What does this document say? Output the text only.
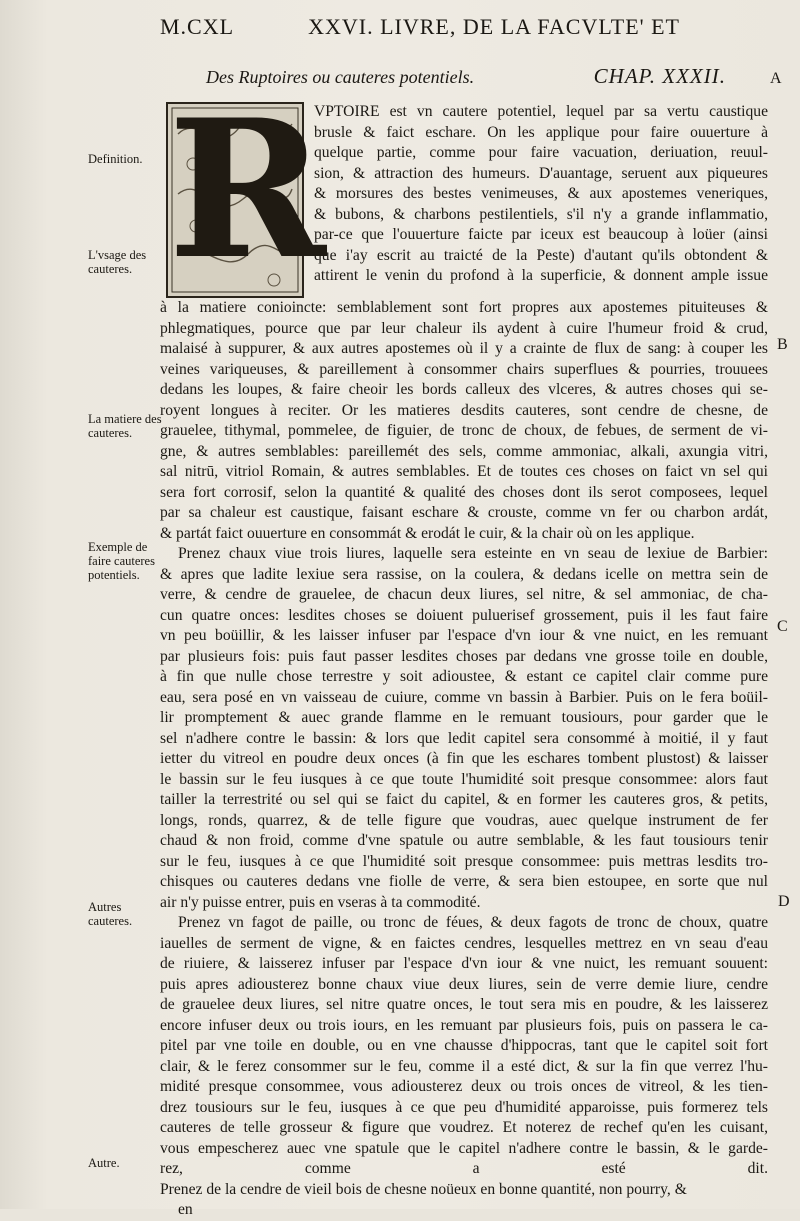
M.CXL	XXVI. LIVRE, DE LA FACVLTE' ET
Des Ruptoires ou cauteres potentiels.	CHAP. XXXII.	A
B
C
D
Definition.
L'vsage des cauteres.
La matiere des cauteres.
Exemple de faire cauteres potentiels.
Autres cauteres.
Autre.
R
VPTOIRE est vn cautere potentiel, lequel par sa vertu caustique
brusle & faict eschare. On les applique pour faire ouuerture à
quelque partie, comme pour faire vacuation, deriuation, reuul-
sion, & attraction des humeurs. D'auantage, seruent aux piqueures
& morsures des bestes venimeuses, & aux apostemes veneriques,
& bubons, & charbons pestilentiels, s'il n'y a grande inflammatio,
par-ce que l'ouuerture faicte par iceux est beaucoup à loüer (ainsi
que i'ay escrit au traicté de la Peste) d'autant qu'ils obtondent &
attirent le venin du profond à la superficie, & donnent ample issue
à la matiere conioincte: semblablement sont fort propres aux apostemes pituiteuses &
phlegmatiques, pource que par leur chaleur ils aydent à cuire l'humeur froid & crud,
malaisé à suppurer, & aux autres apostemes où il y a crainte de flux de sang: à couper les
veines variqueuses, & pareillement à consommer chairs superflues & pourries, trouuees
dedans les loupes, & faire cheoir les bords calleux des vlceres, & autres choses qui se-
royent longues à reciter. Or les matieres desdits cauteres, sont cendre de chesne, de
grauelee, tithymal, pommelee, de figuier, de tronc de choux, de febues, de serment de vi-
gne, & autres semblables: pareillemét des sels, comme ammoniac, alkali, axungia vitri,
sal nitrū, vitriol Romain, & autres semblables. Et de toutes ces choses on faict vn sel qui
sera fort corrosif, selon la quantité & qualité des choses dont ils serot composees, lequel
par sa chaleur est caustique, faisant eschare & crouste, comme vn fer ou charbon ardát,
& partát faict ouuerture en consommát & erodát le cuir, & la chair où on les applique.
Prenez chaux viue trois liures, laquelle sera esteinte en vn seau de lexiue de Barbier:
& apres que ladite lexiue sera rassise, on la coulera, & dedans icelle on mettra sein de
verre, & cendre de grauelee, de chacun deux liures, sel nitre, & sel ammoniac, de cha-
cun quatre onces: lesdites choses se doiuent puluerisef grossement, puis il les faut faire
vn peu boüillir, & les laisser infuser par l'espace d'vn iour & vne nuict, en les remuant
par plusieurs fois: puis faut passer lesdites choses par dedans vne grosse toile en double,
à fin que nulle chose terrestre y soit adioustee, & estant ce capitel clair comme pure
eau, sera posé en vn vaisseau de cuiure, comme vn bassin à Barbier. Puis on le fera boüil-
lir promptement & auec grande flamme en le remuant tousiours, pour garder que le
sel n'adhere contre le bassin: & lors que ledit capitel sera consommé à moitié, il y faut
ietter du vitreol en poudre deux onces (à fin que les eschares tombent plustost) & laisser
le bassin sur le feu iusques à ce que toute l'humidité soit presque consommee: alors faut
tailler la terrestrité ou sel qui se faict du capitel, & en former les cauteres gros, & petits,
longs, ronds, quarrez, & de telle figure que voudras, auec quelque instrument de fer
chaud & non froid, comme d'vne spatule ou autre semblable, & les faut tousiours tenir
sur le feu, iusques à ce que l'humidité soit presque consommee: puis mettras lesdits tro-
chisques ou cauteres dedans vne fiolle de verre, & sera bien estoupee, en sorte que nul
air n'y puisse entrer, puis en vseras à ta commodité.
Prenez vn fagot de paille, ou tronc de féues, & deux fagots de tronc de choux, quatre
iauelles de serment de vigne, & en faictes cendres, lesquelles mettrez en vn seau d'eau
de riuiere, & laisserez infuser par l'espace d'vn iour & vne nuict, les remuant souuent:
puis apres adiousterez bonne chaux viue deux liures, sein de verre demie liure, cendre
de grauelee deux liures, sel nitre quatre onces, le tout sera mis en poudre, & les laisserez
encore infuser deux ou trois iours, en les remuant par plusieurs fois, puis on passera le ca-
pitel par vne toile en double, ou en vne chausse d'hippocras, tant que le capitel soit fort
clair, & le ferez consommer sur le feu, comme il a esté dict, & sur la fin que verrez l'hu-
midité presque consommee, vous adiousterez deux ou trois onces de vitreol, & les tien-
drez tousiours sur le feu, iusques à ce que peu d'humidité apparoisse, puis formerez tels
cauteres de telle grosseur & figure que voudrez. Et noterez de rechef qu'en les cuisant,
vous empescherez auec vne spatule que le capitel n'adhere contre le bassin, & le garde-
rez, comme a esté dit.
Prenez de la cendre de vieil bois de chesne noüeux en bonne quantité, non pourry, &
en
